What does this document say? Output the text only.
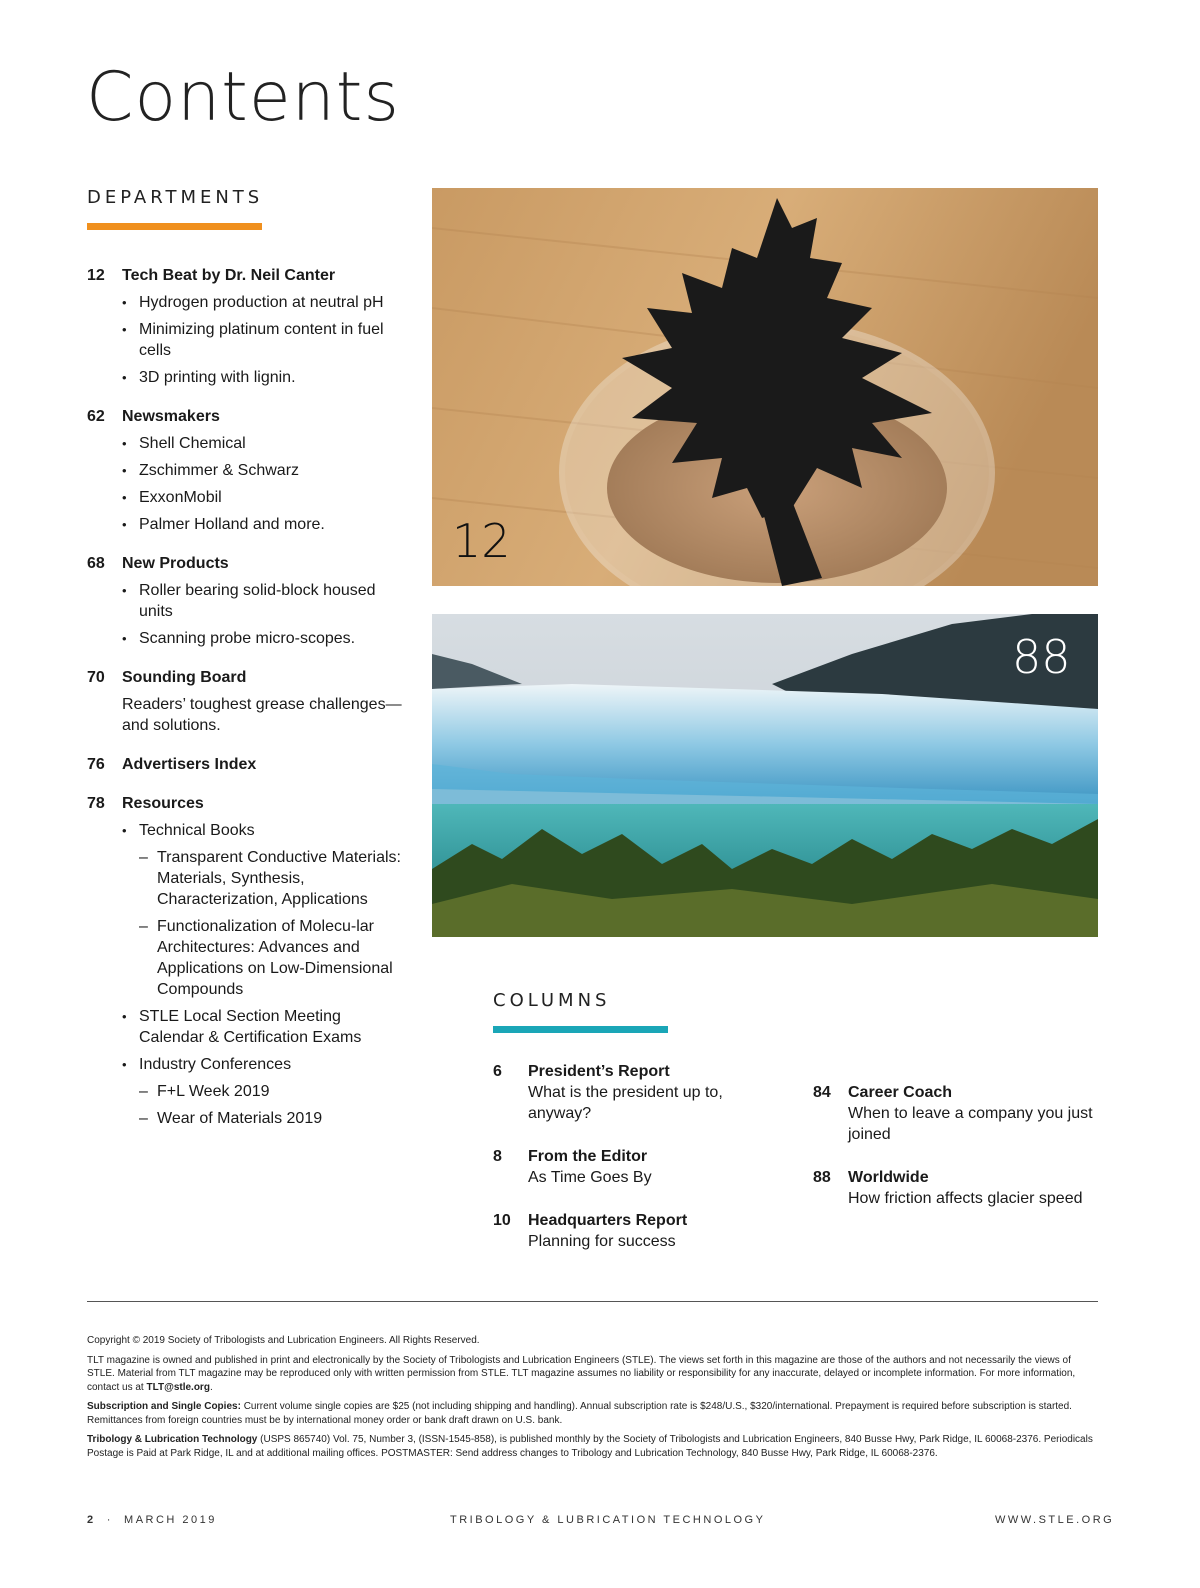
Contents
DEPARTMENTS
12	Tech Beat by Dr. Neil Canter
• Hydrogen production at neutral pH
• Minimizing platinum content in fuel cells
• 3D printing with lignin.
62	Newsmakers
• Shell Chemical
• Zschimmer & Schwarz
• ExxonMobil
• Palmer Holland and more.
68	New Products
• Roller bearing solid-block housed units
• Scanning probe micro-scopes.
70	Sounding Board
Readers’ toughest grease challenges—and solutions.
76	Advertisers Index
78	Resources
• Technical Books
– Transparent Conductive Materials: Materials, Synthesis, Characterization, Applications
– Functionalization of Molecu-lar Architectures: Advances and Applications on Low-Dimensional Compounds
• STLE Local Section Meeting Calendar & Certification Exams
• Industry Conferences
– F+L Week 2019
– Wear of Materials 2019
12
88
COLUMNS
6	President’s Report
What is the president up to, anyway?
8	From the Editor
As Time Goes By
10	Headquarters Report
Planning for success
84	Career Coach
When to leave a company you just joined
88	Worldwide
How friction affects glacier speed

Copyright © 2019 Society of Tribologists and Lubrication Engineers. All Rights Reserved.

TLT magazine is owned and published in print and electronically by the Society of Tribologists and Lubrication Engineers (STLE). The views set forth in this magazine are those of the authors and not necessarily the views of STLE. Material from TLT magazine may be reproduced only with written permission from STLE. TLT magazine assumes no liability or responsibility for any inaccurate, delayed or incomplete information. For more information, contact us at TLT@stle.org.

Subscription and Single Copies: Current volume single copies are $25 (not including shipping and handling). Annual subscription rate is $248/U.S., $320/international. Prepayment is required before subscription is started. Remittances from foreign countries must be by international money order or bank draft drawn on U.S. bank.

Tribology & Lubrication Technology (USPS 865740) Vol. 75, Number 3, (ISSN-1545-858), is published monthly by the Society of Tribologists and Lubrication Engineers, 840 Busse Hwy, Park Ridge, IL 60068-2376. Periodicals Postage is Paid at Park Ridge, IL and at additional mailing offices. POSTMASTER: Send address changes to Tribology and Lubrication Technology, 840 Busse Hwy, Park Ridge, IL 60068-2376.

2 · MARCH 2019	TRIBOLOGY & LUBRICATION TECHNOLOGY	WWW.STLE.ORG
